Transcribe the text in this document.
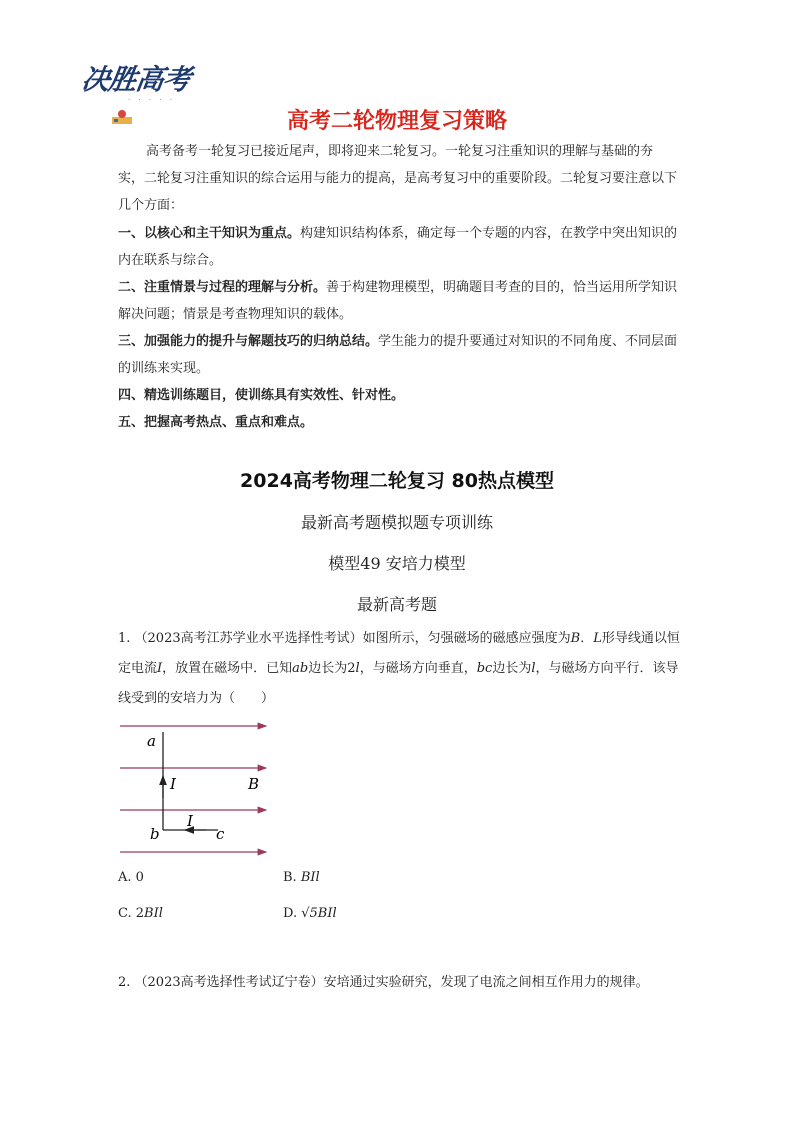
决胜高考
· · · · ·
高考二轮物理复习策略
高考备考一轮复习已接近尾声，即将迎来二轮复习。一轮复习注重知识的理解与基础的夯实，二轮复习注重知识的综合运用与能力的提高，是高考复习中的重要阶段。二轮复习要注意以下几个方面：

一、以核心和主干知识为重点。构建知识结构体系，确定每一个专题的内容，在教学中突出知识的内在联系与综合。

二、注重情景与过程的理解与分析。善于构建物理模型，明确题目考查的目的，恰当运用所学知识解决问题；情景是考查物理知识的载体。

三、加强能力的提升与解题技巧的归纳总结。学生能力的提升要通过对知识的不同角度、不同层面的训练来实现。

四、精选训练题目，使训练具有实效性、针对性。

五、把握高考热点、重点和难点。

2024高考物理二轮复习 80热点模型
最新高考题模拟题专项训练
模型49 安培力模型
最新高考题
1. （2023高考江苏学业水平选择性考试）如图所示，匀强磁场的磁感应强度为B．L形导线通以恒定电流I，放置在磁场中．已知ab边长为2l，与磁场方向垂直，bc边长为l，与磁场方向平行．该导线受到的安培力为（　　）
a
I	B
I
b	c
A. 0	B. BIl
C. 2BIl	D. √5BIl
2. （2023高考选择性考试辽宁卷）安培通过实验研究，发现了电流之间相互作用力的规律。
